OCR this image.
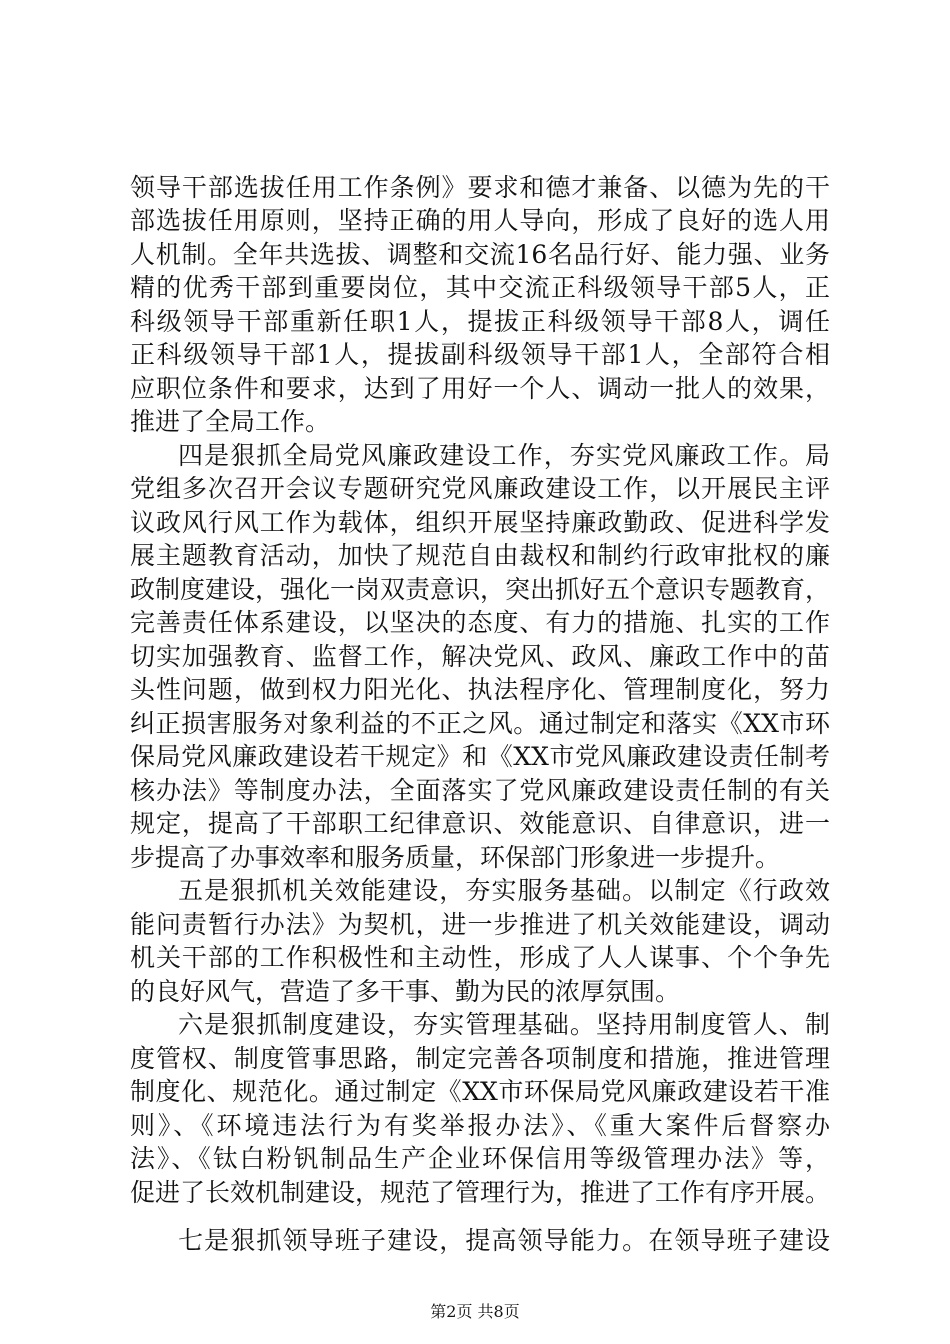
领导干部选拔任用工作条例》要求和德才兼备、以德为先的干
部选拔任用原则，坚持正确的用人导向，形成了良好的选人用
人机制。全年共选拔、调整和交流16名品行好、能力强、业务
精的优秀干部到重要岗位，其中交流正科级领导干部5人，正
科级领导干部重新任职1人，提拔正科级领导干部8人，调任
正科级领导干部1人，提拔副科级领导干部1人，全部符合相
应职位条件和要求，达到了用好一个人、调动一批人的效果，
推进了全局工作。
四是狠抓全局党风廉政建设工作，夯实党风廉政工作。局
党组多次召开会议专题研究党风廉政建设工作，以开展民主评
议政风行风工作为载体，组织开展坚持廉政勤政、促进科学发
展主题教育活动，加快了规范自由裁权和制约行政审批权的廉
政制度建设，强化一岗双责意识，突出抓好五个意识专题教育，
完善责任体系建设，以坚决的态度、有力的措施、扎实的工作
切实加强教育、监督工作，解决党风、政风、廉政工作中的苗
头性问题，做到权力阳光化、执法程序化、管理制度化，努力
纠正损害服务对象利益的不正之风。通过制定和落实《XX市环
保局党风廉政建设若干规定》和《XX市党风廉政建设责任制考
核办法》等制度办法，全面落实了党风廉政建设责任制的有关
规定，提高了干部职工纪律意识、效能意识、自律意识，进一
步提高了办事效率和服务质量，环保部门形象进一步提升。
五是狠抓机关效能建设，夯实服务基础。以制定《行政效
能问责暂行办法》为契机，进一步推进了机关效能建设，调动
机关干部的工作积极性和主动性，形成了人人谋事、个个争先
的良好风气，营造了多干事、勤为民的浓厚氛围。
六是狠抓制度建设，夯实管理基础。坚持用制度管人、制
度管权、制度管事思路，制定完善各项制度和措施，推进管理
制度化、规范化。通过制定《XX市环保局党风廉政建设若干准
则》、《环境违法行为有奖举报办法》、《重大案件后督察办
法》、《钛白粉钒制品生产企业环保信用等级管理办法》等，
促进了长效机制建设，规范了管理行为，推进了工作有序开展。
七是狠抓领导班子建设，提高领导能力。在领导班子建设
第2页 共8页
